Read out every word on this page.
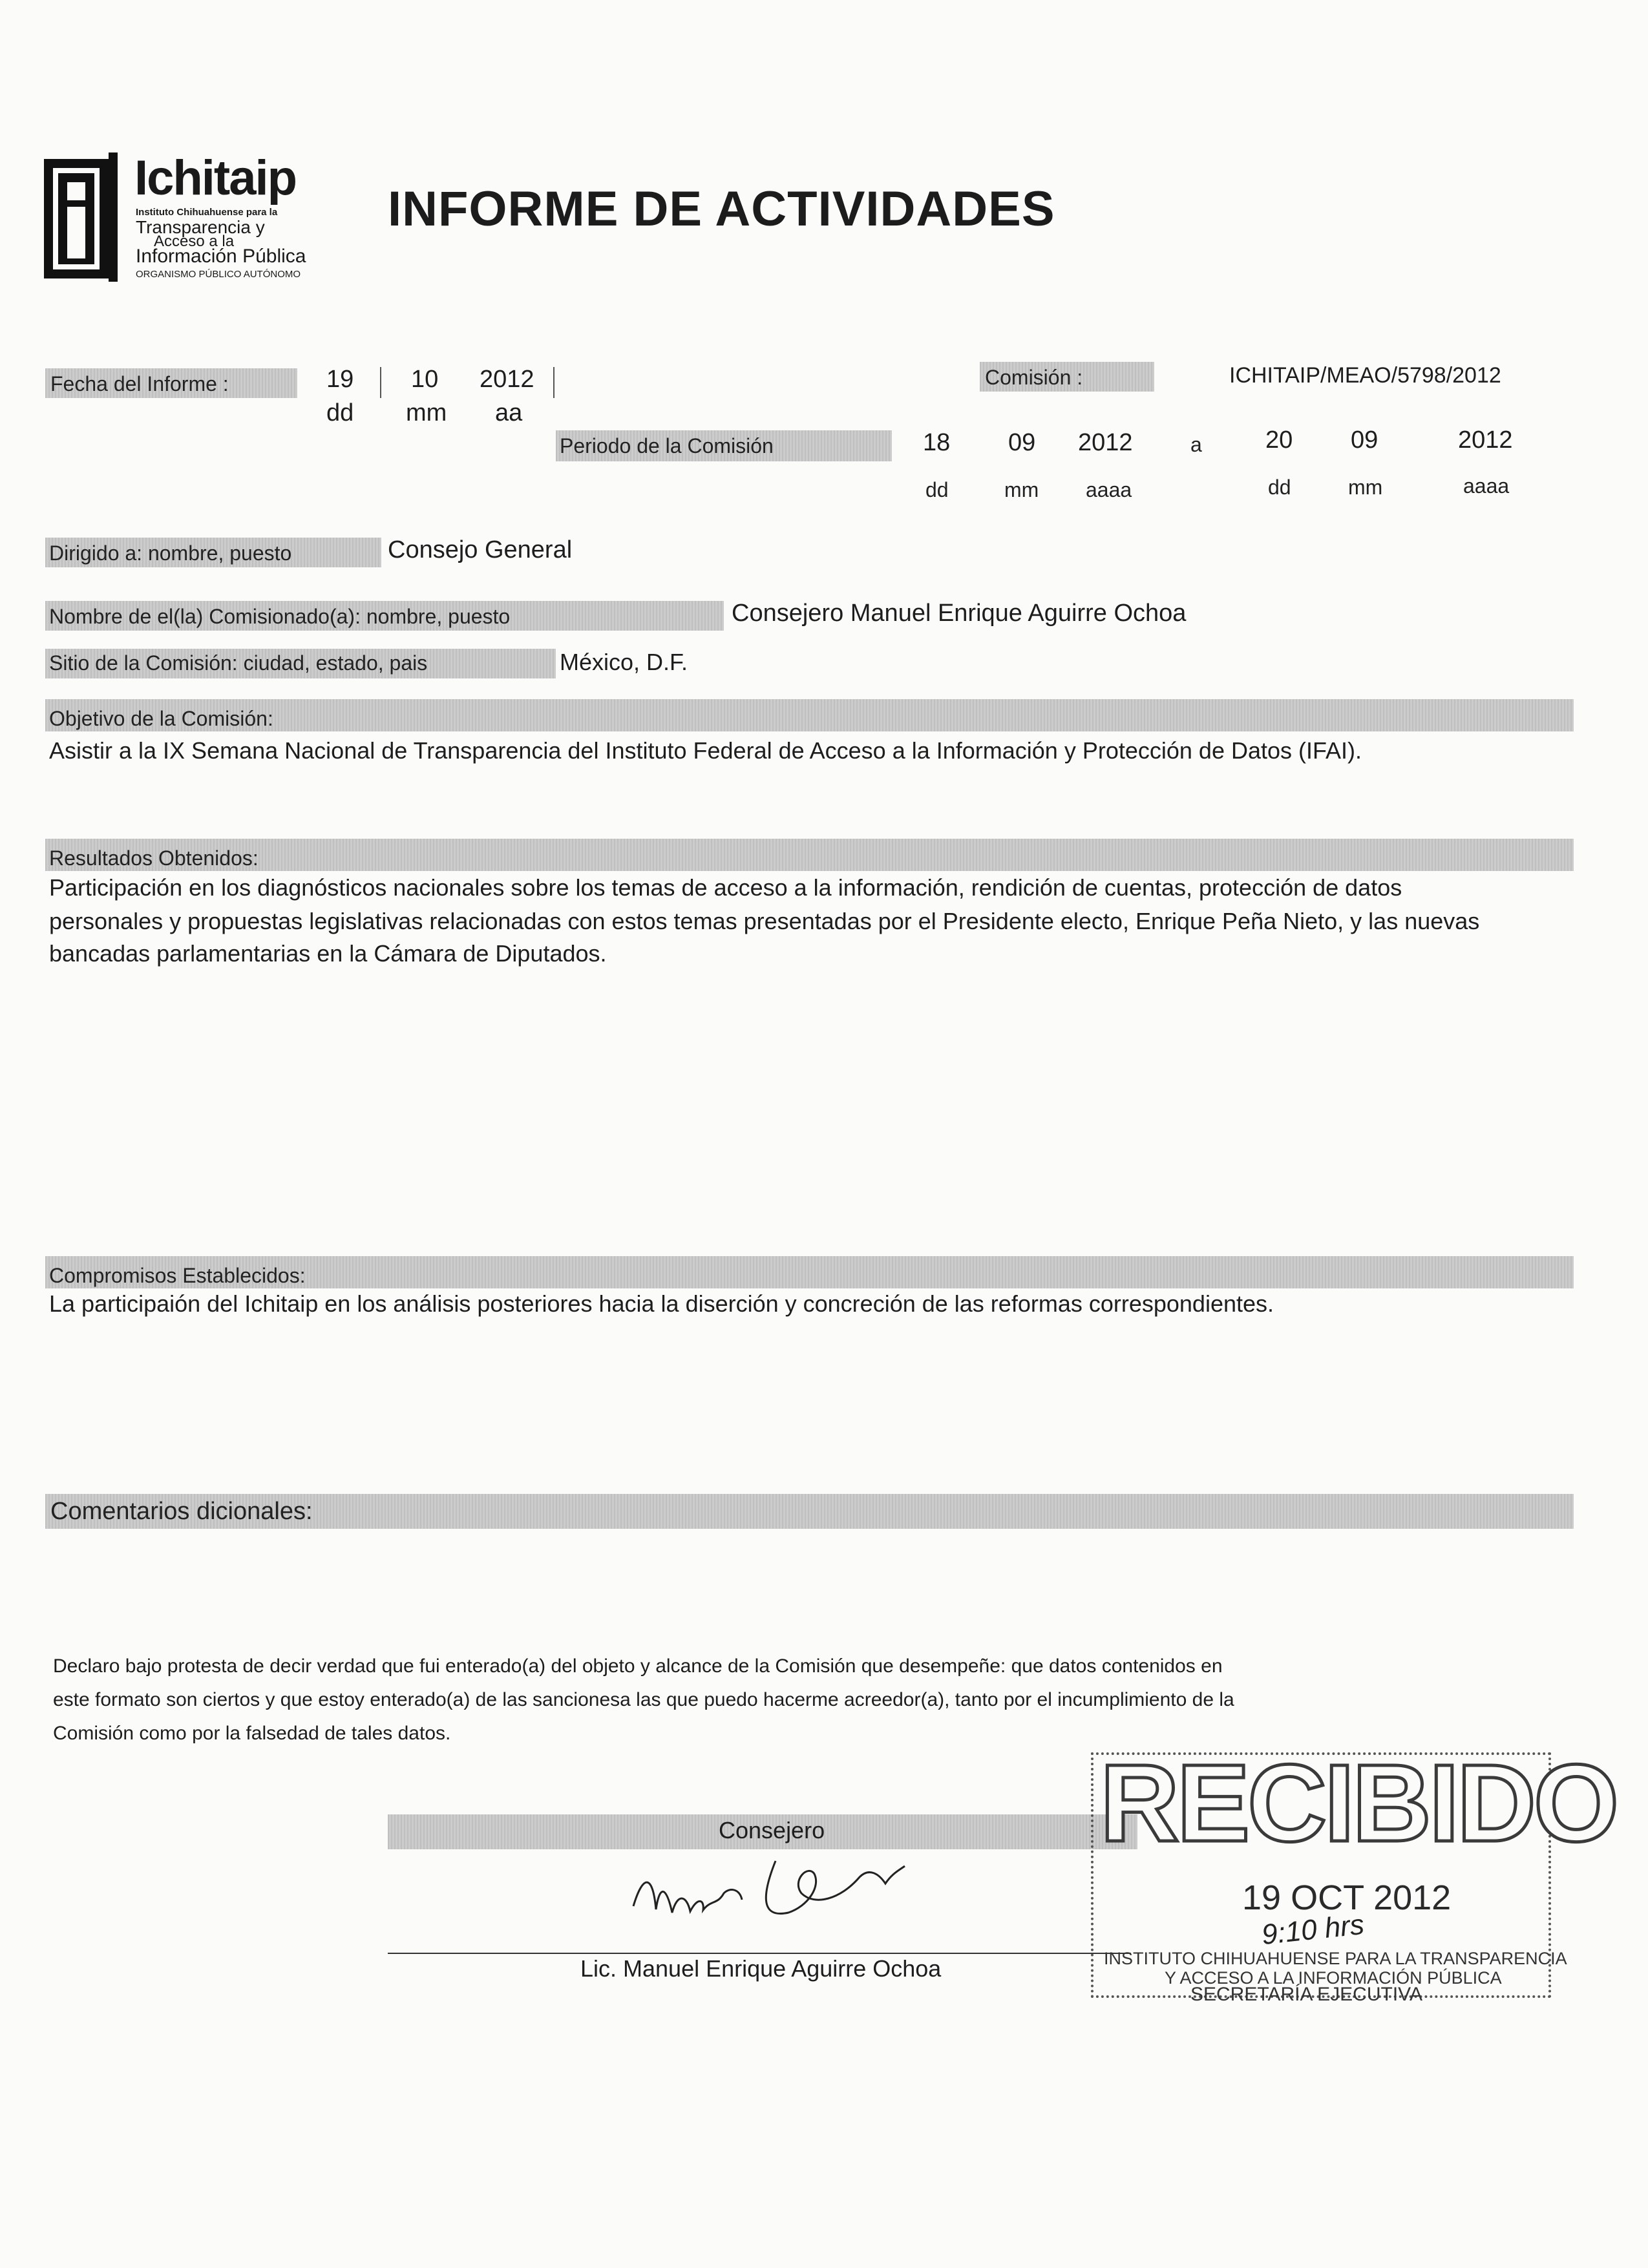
Ichitaip
Instituto Chihuahuense para la
Transparencia y
Acceso a la
Información Pública
ORGANISMO PÚBLICO AUTÓNOMO
INFORME DE ACTIVIDADES
Fecha del Informe :	19 10 2012
dd mm aa
Comisión :	ICHITAIP/MEAO/5798/2012
Periodo de la Comisión	18 09 2012	a	20 09	2012
dd	mm aaaa	dd	mm	aaaa
Dirigido a: nombre, puesto	Consejo General
Nombre de el(la) Comisionado(a): nombre, puesto	Consejero Manuel Enrique Aguirre Ochoa
Sitio de la Comisión: ciudad, estado, pais	México, D.F.
Objetivo de la Comisión:
Asistir a la IX Semana Nacional de Transparencia del Instituto Federal de Acceso a la Información y Protección de Datos (IFAI).
Resultados Obtenidos:
Participación en los diagnósticos nacionales sobre los temas de acceso a la información, rendición de cuentas, protección de datos
personales y propuestas legislativas relacionadas con estos temas presentadas por el Presidente electo, Enrique Peña Nieto, y las nuevas
bancadas parlamentarias en la Cámara de Diputados.
Compromisos Establecidos:
La participaión del Ichitaip en los análisis posteriores hacia la diserción y concreción de las reformas correspondientes.
Comentarios dicionales:
Declaro bajo protesta de decir verdad que fui enterado(a) del objeto y alcance de la Comisión que desempeñe: que datos contenidos en
este formato son ciertos y que estoy enterado(a) de las sancionesa las que puedo hacerme acreedor(a), tanto por el incumplimiento de la
Comisión como por la falsedad de tales datos.
Consejero
Lic. Manuel Enrique Aguirre Ochoa
RECIBIDO
19 OCT 2012
9:10 hrs
INSTITUTO CHIHUAHUENSE PARA LA TRANSPARENCIA
Y ACCESO A LA INFORMACIÓN PÚBLICA
SECRETARÍA EJECUTIVA
